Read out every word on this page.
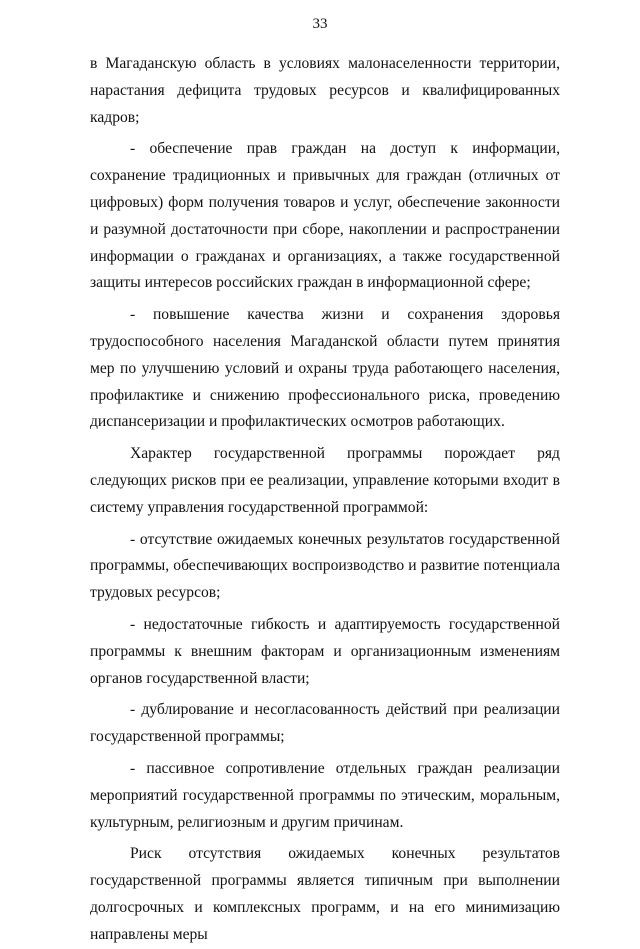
33

в Магаданскую область в условиях малонаселенности территории, нарастания дефицита трудовых ресурсов и квалифицированных кадров;

- обеспечение прав граждан на доступ к информации, сохранение традиционных и привычных для граждан (отличных от цифровых) форм получения товаров и услуг, обеспечение законности и разумной достаточности при сборе, накоплении и распространении информации о гражданах и организациях, а также государственной защиты интересов российских граждан в информационной сфере;

- повышение качества жизни и сохранения здоровья трудоспособного населения Магаданской области путем принятия мер по улучшению условий и охраны труда работающего населения, профилактике и снижению профессионального риска, проведению диспансеризации и профилактических осмотров работающих.

Характер государственной программы порождает ряд следующих рисков при ее реализации, управление которыми входит в систему управления государственной программой:

- отсутствие ожидаемых конечных результатов государственной программы, обеспечивающих воспроизводство и развитие потенциала трудовых ресурсов;

- недостаточные гибкость и адаптируемость государственной программы к внешним факторам и организационным изменениям органов государственной власти;

- дублирование и несогласованность действий при реализации государственной программы;

- пассивное сопротивление отдельных граждан реализации мероприятий государственной программы по этическим, моральным, культурным, религиозным и другим причинам.

Риск отсутствия ожидаемых конечных результатов государственной программы является типичным при выполнении долгосрочных и комплексных программ, и на его минимизацию направлены меры
